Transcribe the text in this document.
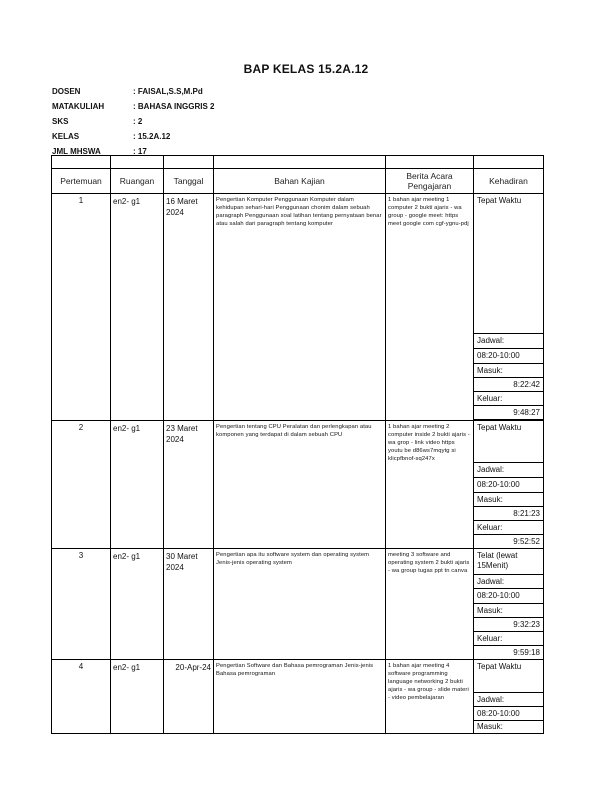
BAP KELAS 15.2A.12
DOSEN	: FAISAL,S.S,M.Pd
MATAKULIAH	: BAHASA INGGRIS 2
SKS	: 2
KELAS	: 15.2A.12
JML MHSWA	: 17

Pertemuan	Ruangan	Tanggal	Bahan Kajian	Berita Acara Pengajaran	Kehadiran
1	en2- g1	16 Maret 2024	Pengertian Komputer Penggunaan Komputer dalam kehidupan sehari-hari Penggunaan chonim dalam sebuah paragraph Penggunaan soal latihan tentang pernyataan benar atau salah dari paragraph tentang komputer	1 bahan ajar meeting 1 computer 2 bukti ajaris - wa group - google meet: https meet google com cgf-ygnu-pdj	Tepat Waktu
					Jadwal:
					08:20-10:00
					Masuk:
					8:22:42
					Keluar:
					9:48:27

2	en2- g1	23 Maret 2024	Pengertian tentang CPU Peralatan dan perlengkapan atau komponen yang terdapat di dalam sebuah CPU	1 bahan ajar meeting 2 computer inside 2 bukti ajaris - wa grop - link video https youtu be d86ws7mqytg si klicpfbnof-sq247x	Tepat Waktu
					Jadwal:
					08:20-10:00
					Masuk:
					8:21:23
					Keluar:
					9:52:52
3	en2- g1	30 Maret 2024	Pengertian apa itu software system dan operating system Jenis-jenis operating system	meeting 3 software and operating system 2 bukti ajaris - wa group tugas ppt tn canva	Telat (lewat 15Menit)
					Jadwal:
					08:20-10:00
					Masuk:
					9:32:23
					Keluar:
					9:59:18
4	en2- g1	20-Apr-24	Pengertian Software dan Bahasa pemrograman Jenis-jenis Bahasa pemrograman	1 bahan ajar meeting 4 software programming language networking 2 bukti ajaris - wa group - slide materi - video pembelajaran	Tepat Waktu
					Jadwal:
					08:20-10:00
					Masuk:
